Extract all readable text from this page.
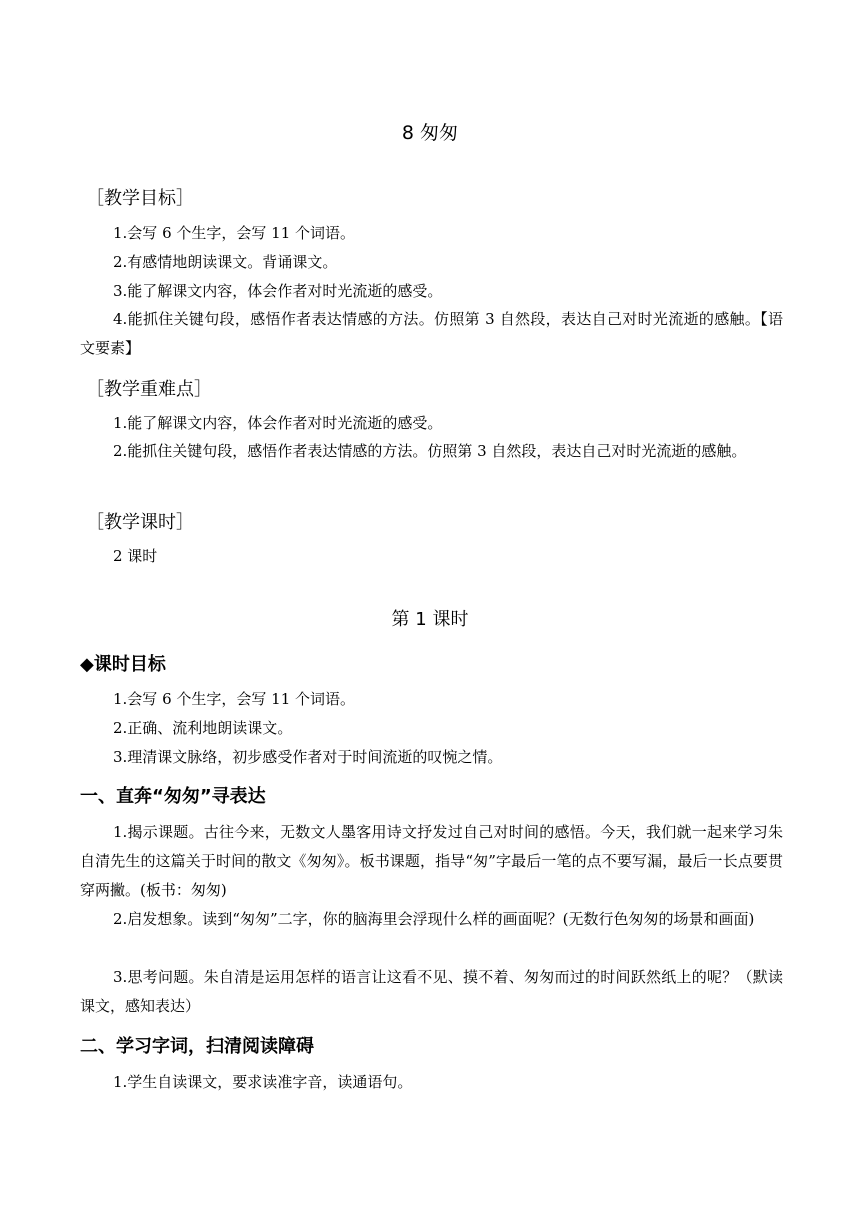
8 匆匆
［教学目标］
1.会写 6 个生字，会写 11 个词语。
2.有感情地朗读课文。背诵课文。
3.能了解课文内容，体会作者对时光流逝的感受。

4.能抓住关键句段，感悟作者表达情感的方法。仿照第 3 自然段，表达自己对时光流逝的感触。【语文要素】

［教学重难点］
1.能了解课文内容，体会作者对时光流逝的感受。

2.能抓住关键句段，感悟作者表达情感的方法。仿照第 3 自然段，表达自己对时光流逝的感触。

［教学课时］
2 课时
第 1 课时
◆课时目标
1.会写 6 个生字，会写 11 个词语。
2.正确、流利地朗读课文。
3.理清课文脉络，初步感受作者对于时间流逝的叹惋之情。
一、直奔“匆匆”寻表达

1.揭示课题。古往今来，无数文人墨客用诗文抒发过自己对时间的感悟。今天，我们就一起来学习朱自清先生的这篇关于时间的散文《匆匆》。板书课题，指导“匆”字最后一笔的点不要写漏，最后一长点要贯穿两撇。(板书：匆匆)

2.启发想象。读到“匆匆”二字，你的脑海里会浮现什么样的画面呢？(无数行色匆匆的场景和画面)

3.思考问题。朱自清是运用怎样的语言让这看不见、摸不着、匆匆而过的时间跃然纸上的呢？（默读课文，感知表达）

二、学习字词，扫清阅读障碍
1.学生自读课文，要求读准字音，读通语句。
